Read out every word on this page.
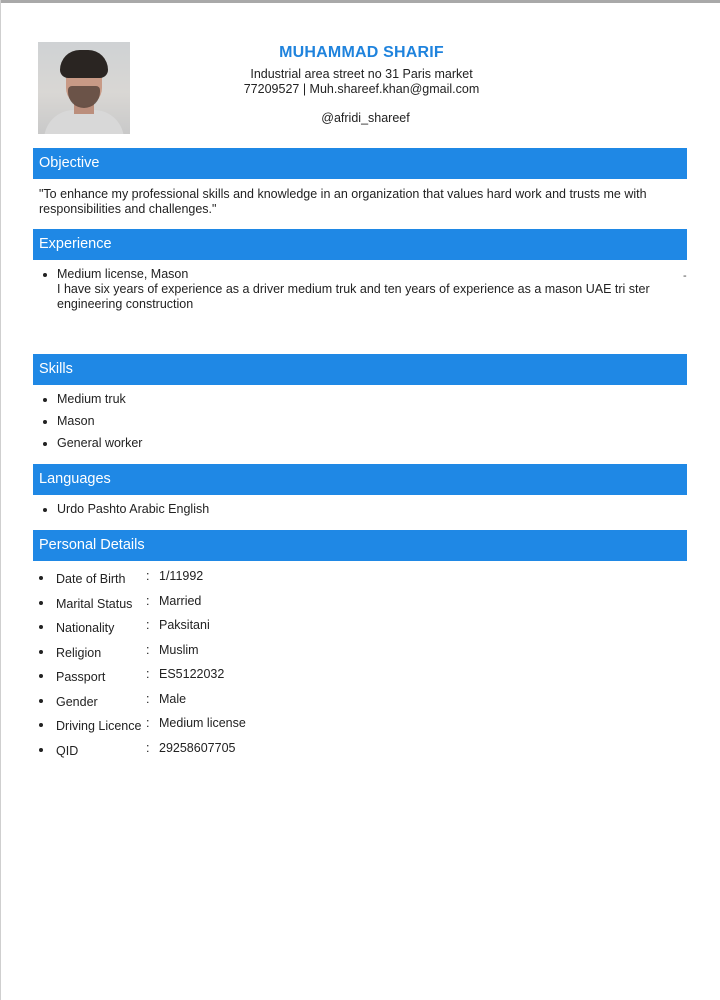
MUHAMMAD SHARIF
Industrial area street no 31 Paris market
77209527 | Muh.shareef.khan@gmail.com
@afridi_shareef
Objective
"To enhance my professional skills and knowledge in an organization that values hard work and trusts me with responsibilities and challenges."
Experience
Medium license, Mason
I have six years of experience as a driver medium truk and ten years of experience as a mason UAE tri ster engineering construction
-
Skills
Medium truk
Mason
General worker
Languages
Urdo Pashto Arabic English
Personal Details
Date of Birth : 1/11992
Marital Status : Married
Nationality	: Paksitani
Religion	: Muslim
Passport	: ES5122032
Gender	: Male
Driving Licence : Medium license
QID	: 29258607705
